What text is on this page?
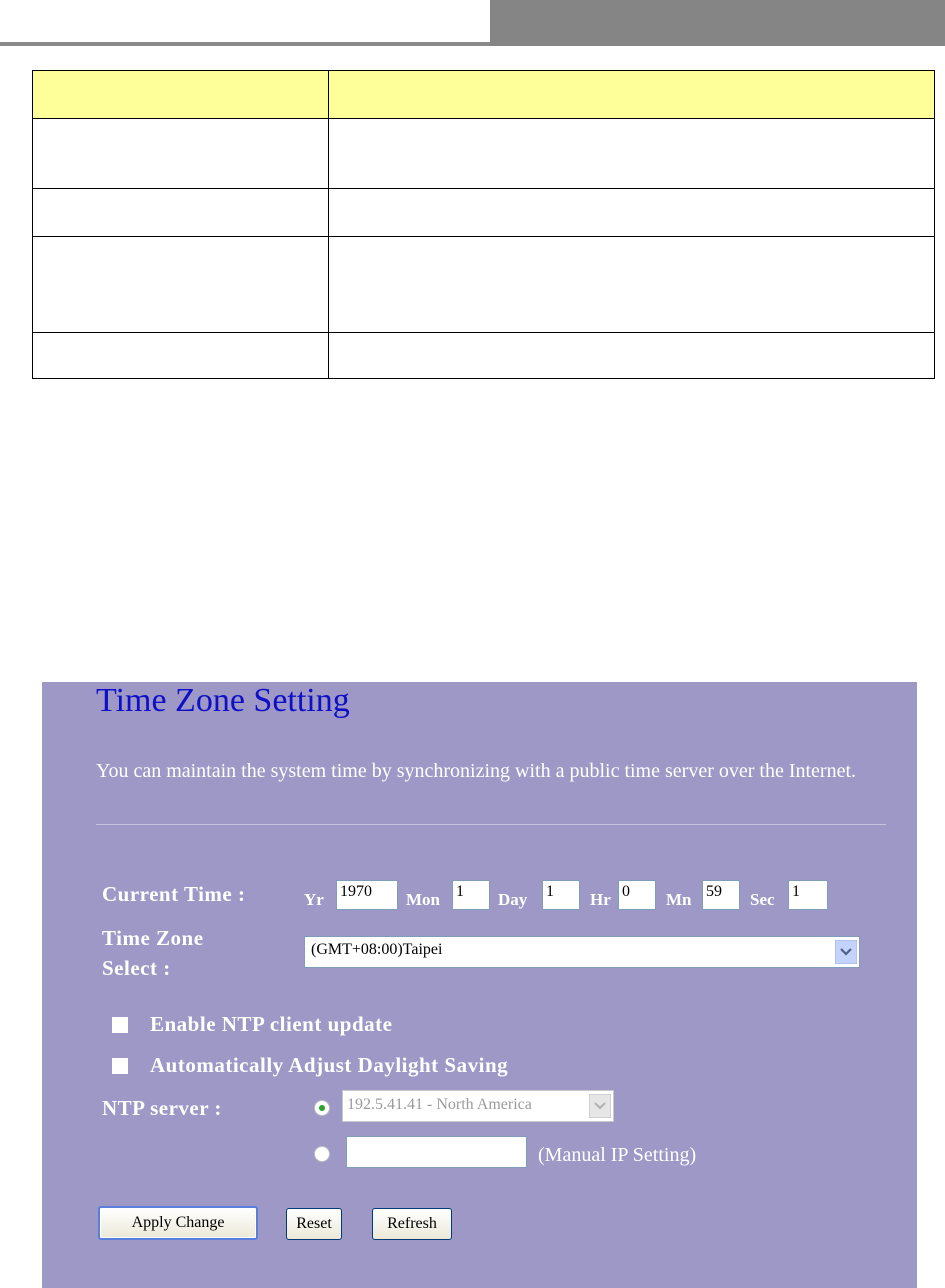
Time Zone Setting
You can maintain the system time by synchronizing with a public time server over the Internet.
Current Time :	Yr 1970	Mon 1	Day 1	Hr 0	Mn 59	Sec 1
Time Zone
Select :
(GMT+08:00)Taipei
Enable NTP client update
Automatically Adjust Daylight Saving
NTP server :	192.5.41.41 - North America
(Manual IP Setting)
Apply Change	Reset	Refresh
